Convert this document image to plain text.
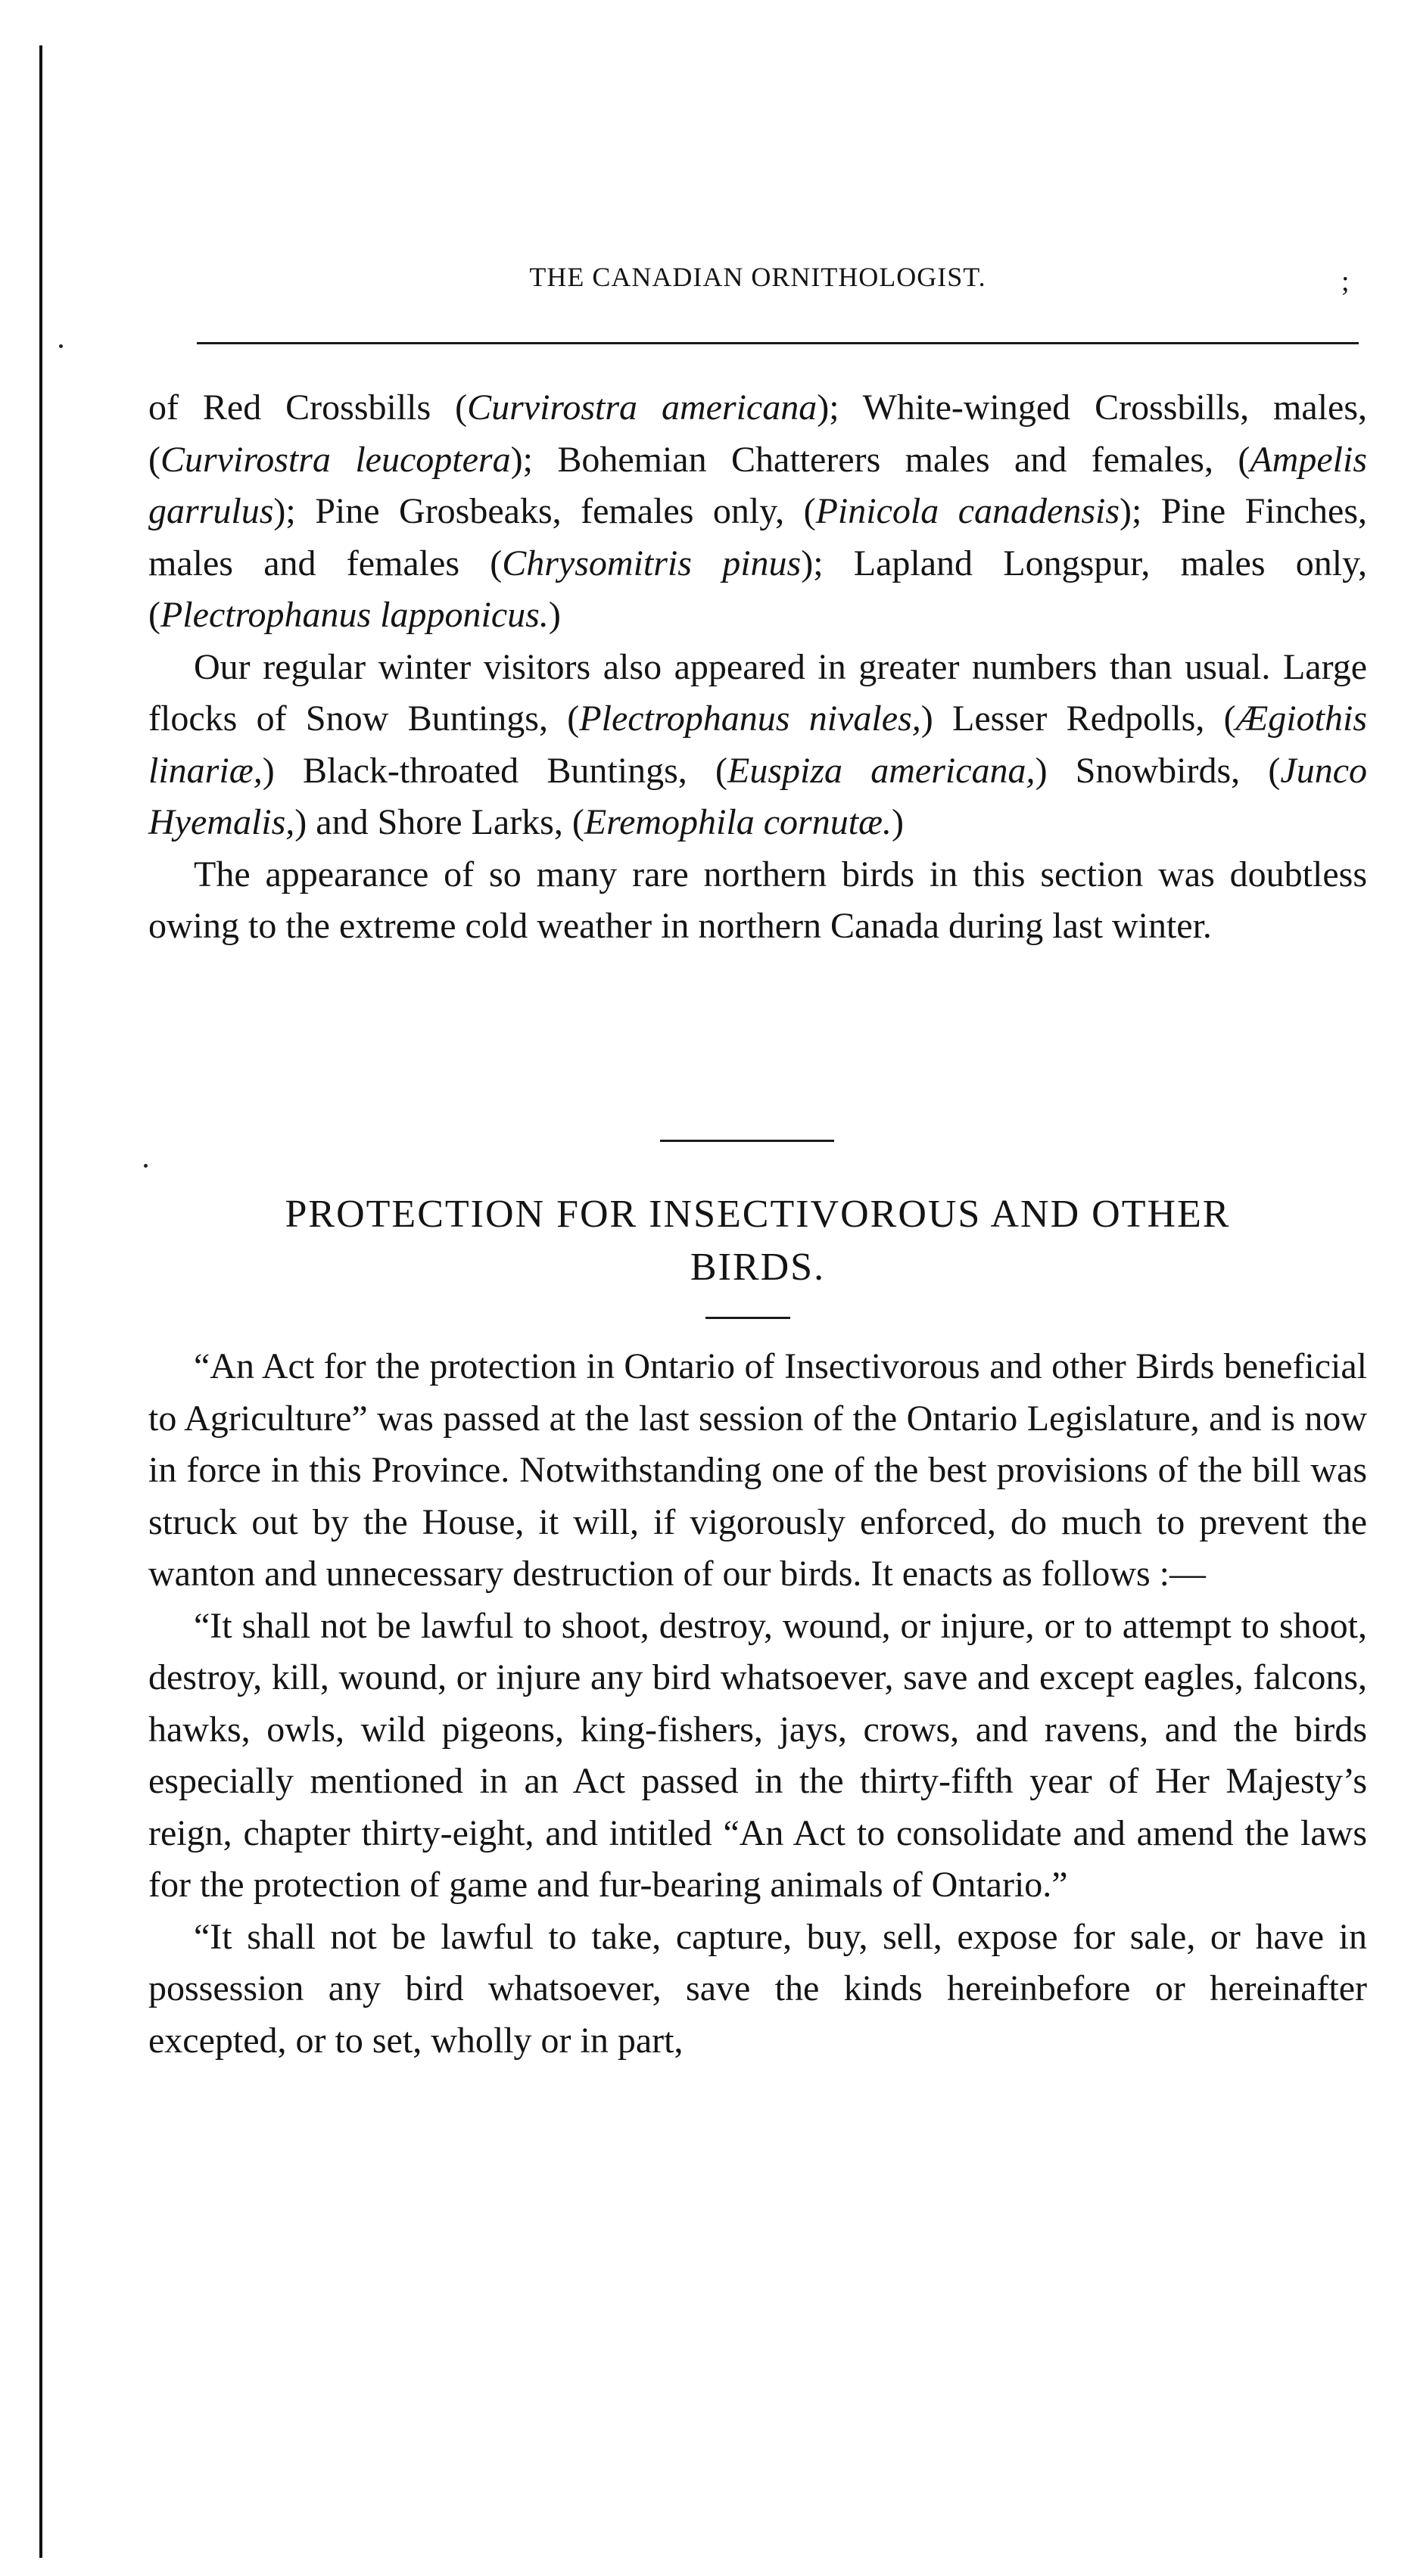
THE CANADIAN ORNITHOLOGIST.	;

of Red Crossbills (Curvirostra americana); White-winged Crossbills, males, (Curvirostra leucoptera); Bohemian Chatterers males and females, (Ampelis garrulus); Pine Grosbeaks, females only, (Pinicola canadensis); Pine Finches, males and females (Chrysomitris pinus); Lapland Longspur, males only, (Plectrophanus lapponicus.)

Our regular winter visitors also appeared in greater numbers than usual. Large flocks of Snow Buntings, (Plectrophanus nivales,) Lesser Redpolls, (Ægiothis linariæ,) Black-throated Buntings, (Euspiza americana,) Snowbirds, (Junco Hyemalis,) and Shore Larks, (Eremophila cornutæ.)

The appearance of so many rare northern birds in this section was doubtless owing to the extreme cold weather in northern Canada during last winter.

PROTECTION FOR INSECTIVOROUS AND OTHER
BIRDS.

“An Act for the protection in Ontario of Insectivorous and other Birds beneficial to Agriculture” was passed at the last session of the Ontario Legislature, and is now in force in this Province. Notwithstanding one of the best provisions of the bill was struck out by the House, it will, if vigorously enforced, do much to prevent the wanton and unnecessary destruction of our birds. It enacts as follows :—

“It shall not be lawful to shoot, destroy, wound, or injure, or to attempt to shoot, destroy, kill, wound, or injure any bird whatsoever, save and except eagles, falcons, hawks, owls, wild pigeons, king-fishers, jays, crows, and ravens, and the birds especially mentioned in an Act passed in the thirty-fifth year of Her Majesty’s reign, chapter thirty-eight, and intitled “An Act to consolidate and amend the laws for the protection of game and fur-bearing animals of Ontario.”

“It shall not be lawful to take, capture, buy, sell, expose for sale, or have in possession any bird whatsoever, save the kinds hereinbefore or hereinafter excepted, or to set, wholly or in part,
